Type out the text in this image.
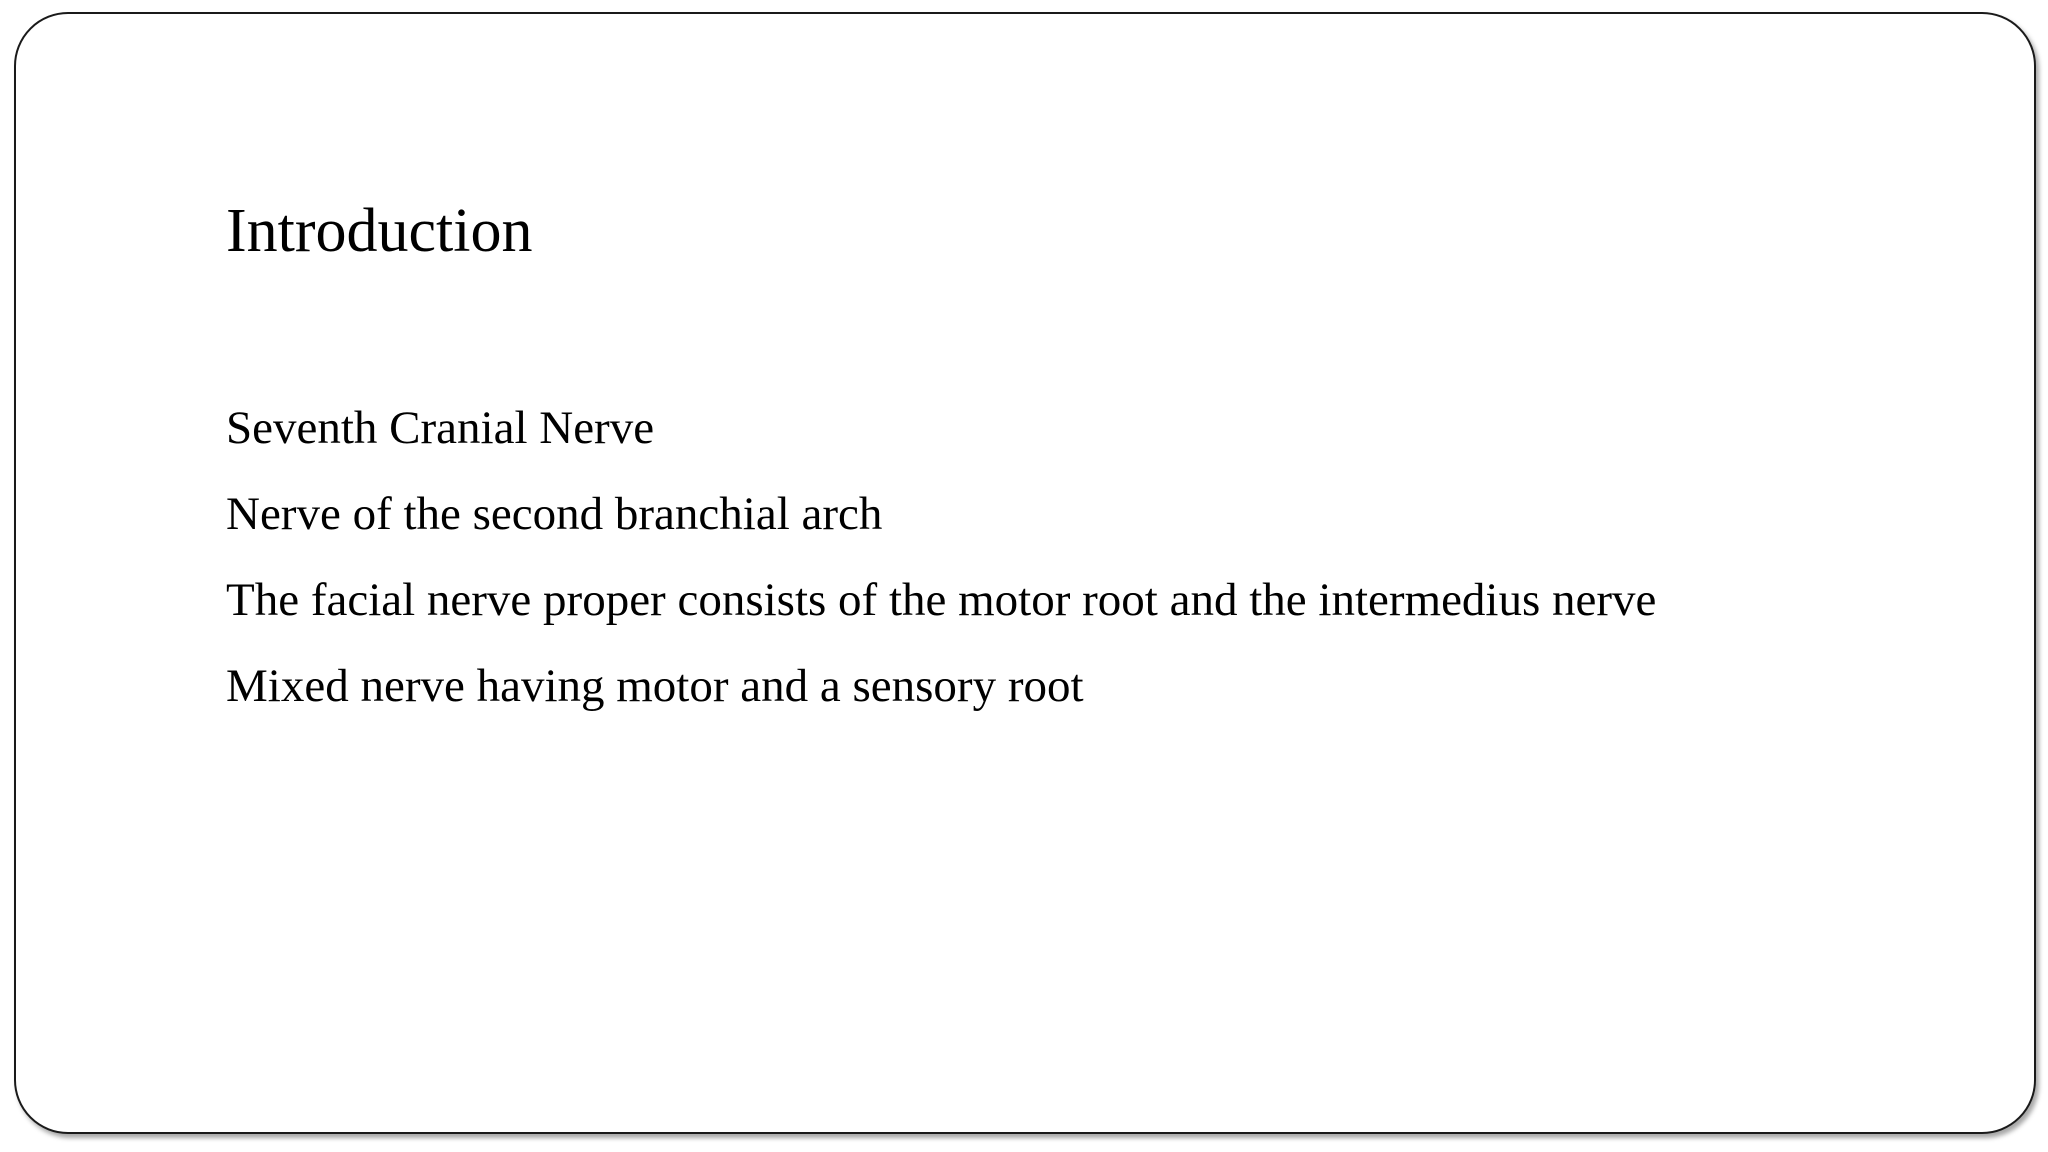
Introduction
Seventh Cranial Nerve
Nerve of the second branchial arch
The facial nerve proper consists of the motor root and the intermedius nerve
Mixed nerve having motor and a sensory root
